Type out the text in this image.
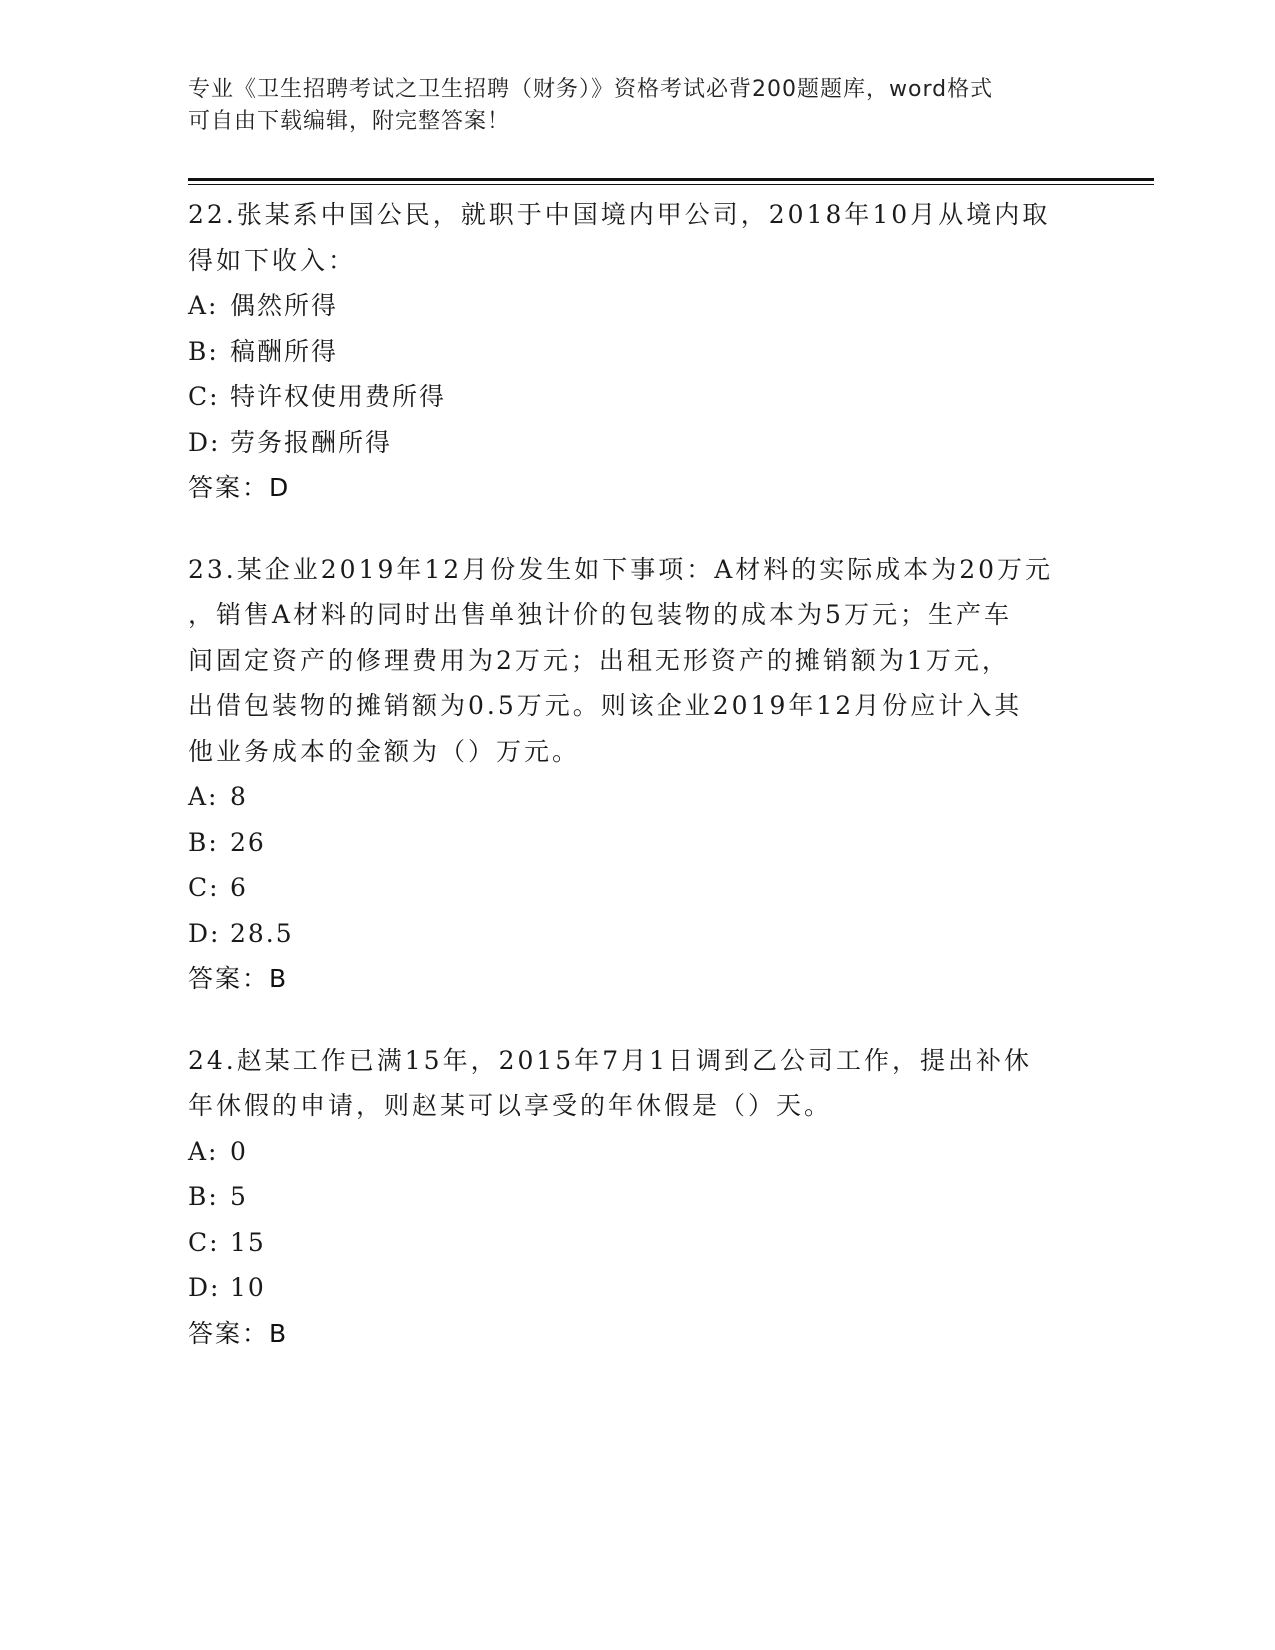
专业《卫生招聘考试之卫生招聘（财务）》资格考试必背200题题库，word格式
可自由下载编辑，附完整答案！
22.张某系中国公民，就职于中国境内甲公司，2018年10月从境内取
得如下收入：
A: 偶然所得
B: 稿酬所得
C: 特许权使用费所得
D: 劳务报酬所得
答案：D
23.某企业2019年12月份发生如下事项：A材料的实际成本为20万元
，销售A材料的同时出售单独计价的包装物的成本为5万元；生产车
间固定资产的修理费用为2万元；出租无形资产的摊销额为1万元，
出借包装物的摊销额为0.5万元。则该企业2019年12月份应计入其
他业务成本的金额为（）万元。
A: 8
B: 26
C: 6
D: 28.5
答案：B
24.赵某工作已满15年，2015年7月1日调到乙公司工作，提出补休
年休假的申请，则赵某可以享受的年休假是（）天。
A: 0
B: 5
C: 15
D: 10
答案：B
